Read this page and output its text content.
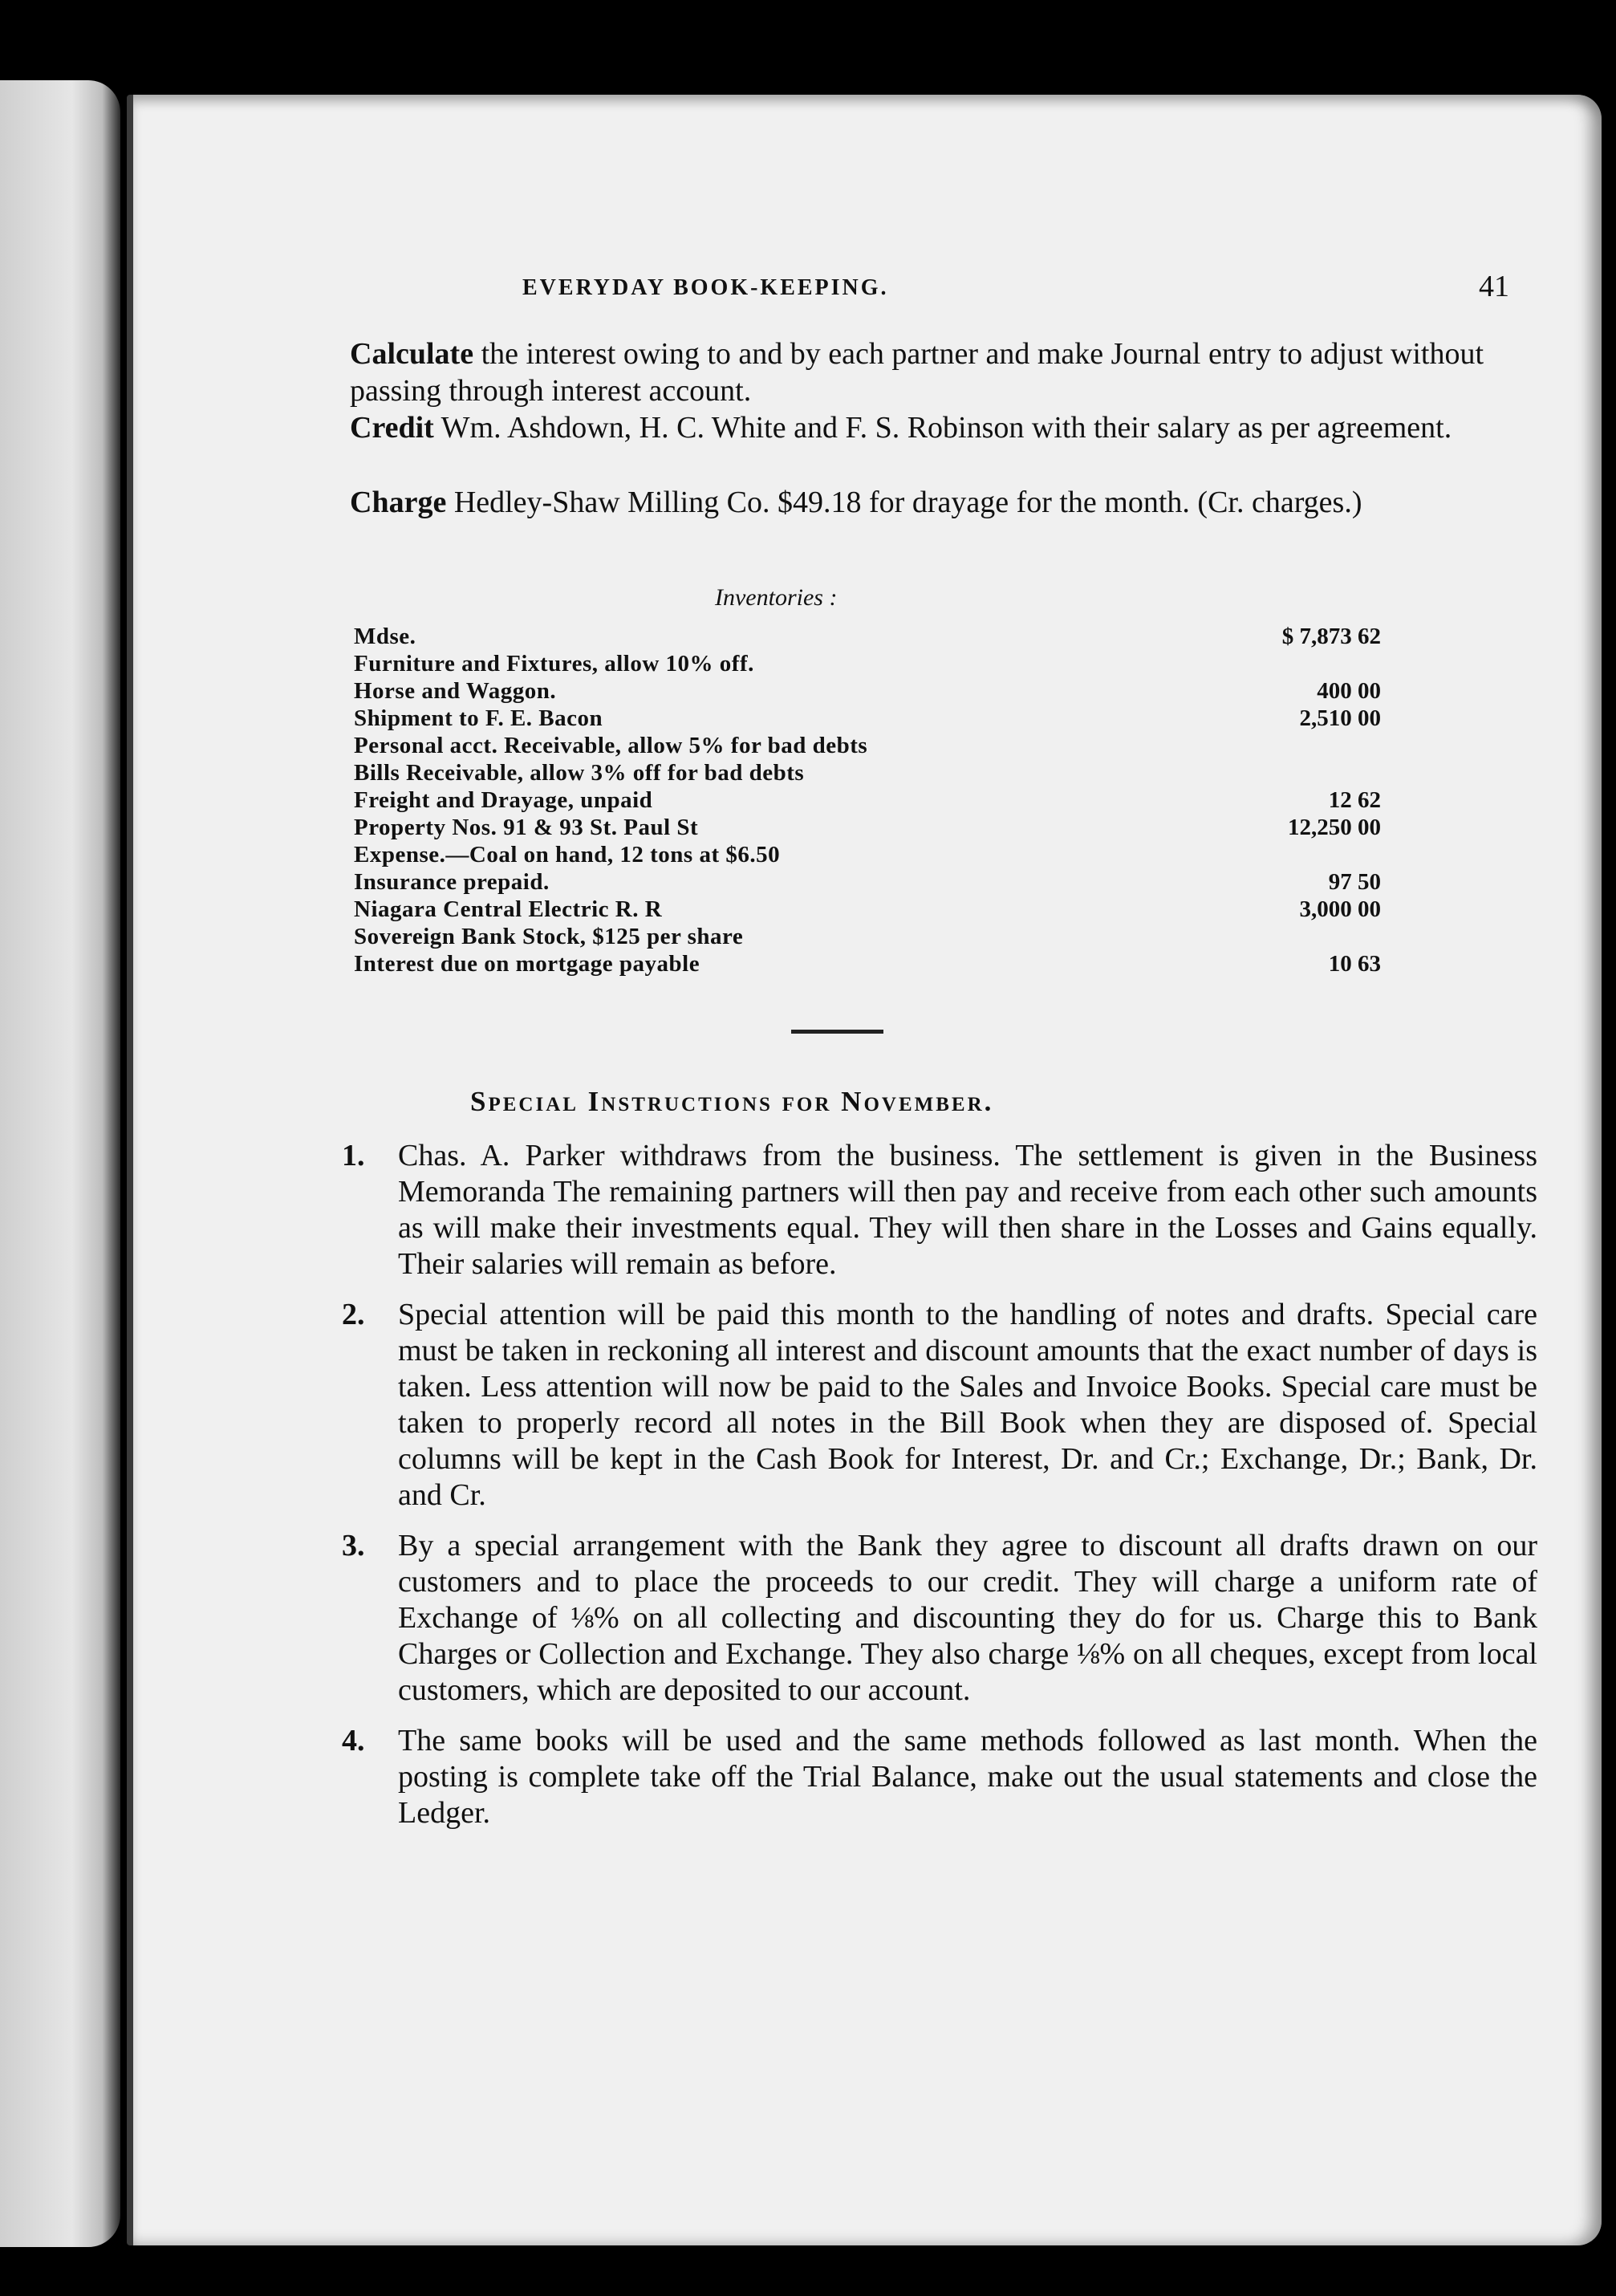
EVERYDAY BOOK-KEEPING.	41
Calculate the interest owing to and by each partner and make Journal entry to adjust without passing through interest account.
Credit Wm. Ashdown, H. C. White and F. S. Robinson with their salary as per agreement.
Charge Hedley-Shaw Milling Co. $49.18 for drayage for the month. (Cr. charges.)
Inventories :
Mdse.	$ 7,873 62
Furniture and Fixtures, allow 10% off.
Horse and Waggon.	400 00
Shipment to F. E. Bacon	2,510 00
Personal acct. Receivable, allow 5% for bad debts
Bills Receivable, allow 3% off for bad debts
Freight and Drayage, unpaid	12 62
Property Nos. 91 & 93 St. Paul St	12,250 00
Expense.—Coal on hand, 12 tons at $6.50
Insurance prepaid.	97 50
Niagara Central Electric R. R	3,000 00
Sovereign Bank Stock, $125 per share
Interest due on mortgage payable	10 63
Special Instructions for November.
1. Chas. A. Parker withdraws from the business. The settlement is given in the Business Memoranda The remaining partners will then pay and receive from each other such amounts as will make their investments equal. They will then share in the Losses and Gains equally. Their salaries will remain as before.
2. Special attention will be paid this month to the handling of notes and drafts. Special care must be taken in reckoning all interest and discount amounts that the exact number of days is taken. Less attention will now be paid to the Sales and Invoice Books. Special care must be taken to properly record all notes in the Bill Book when they are disposed of. Special columns will be kept in the Cash Book for Interest, Dr. and Cr.; Exchange, Dr.; Bank, Dr. and Cr.
3. By a special arrangement with the Bank they agree to discount all drafts drawn on our customers and to place the proceeds to our credit. They will charge a uniform rate of Exchange of ⅛% on all collecting and discounting they do for us. Charge this to Bank Charges or Collection and Exchange. They also charge ⅛% on all cheques, except from local customers, which are deposited to our account.
4. The same books will be used and the same methods followed as last month. When the posting is complete take off the Trial Balance, make out the usual statements and close the Ledger.
